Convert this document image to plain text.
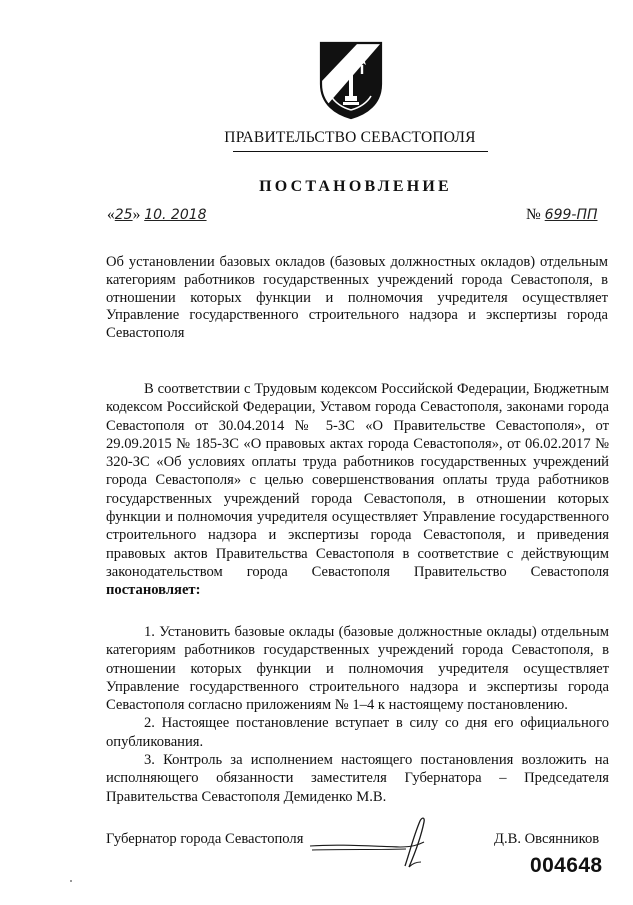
ПРАВИТЕЛЬСТВО СЕВАСТОПОЛЯ
ПОСТАНОВЛЕНИЕ
«25» 10. 2018	№ 699-ПП
Об установлении базовых окладов (базовых должностных окладов) отдельным категориям работников государственных учреждений города Севастополя, в отношении которых функции и полномочия учредителя осуществляет Управление государственного строительного надзора и экспертизы города Севастополя
В соответствии с Трудовым кодексом Российской Федерации, Бюджетным кодексом Российской Федерации, Уставом города Севастополя, законами города Севастополя от 30.04.2014 № 5-ЗС «О Правительстве Севастополя», от 29.09.2015 № 185-ЗС «О правовых актах города Севастополя», от 06.02.2017 № 320-ЗС «Об условиях оплаты труда работников государственных учреждений города Севастополя» с целью совершенствования оплаты труда работников государственных учреждений города Севастополя, в отношении которых функции и полномочия учредителя осуществляет Управление государственного строительного надзора и экспертизы города Севастополя, и приведения правовых актов Правительства Севастополя в соответствие с действующим законодательством города Севастополя Правительство Севастополя постановляет:

1. Установить базовые оклады (базовые должностные оклады) отдельным категориям работников государственных учреждений города Севастополя, в отношении которых функции и полномочия учредителя осуществляет Управление государственного строительного надзора и экспертизы города Севастополя согласно приложениям № 1–4 к настоящему постановлению.

2. Настоящее постановление вступает в силу со дня его официального опубликования.

3. Контроль за исполнением настоящего постановления возложить на исполняющего обязанности заместителя Губернатора – Председателя Правительства Севастополя Демиденко М.В.

Губернатор города Севастополя	Д.В. Овсянников
004648
